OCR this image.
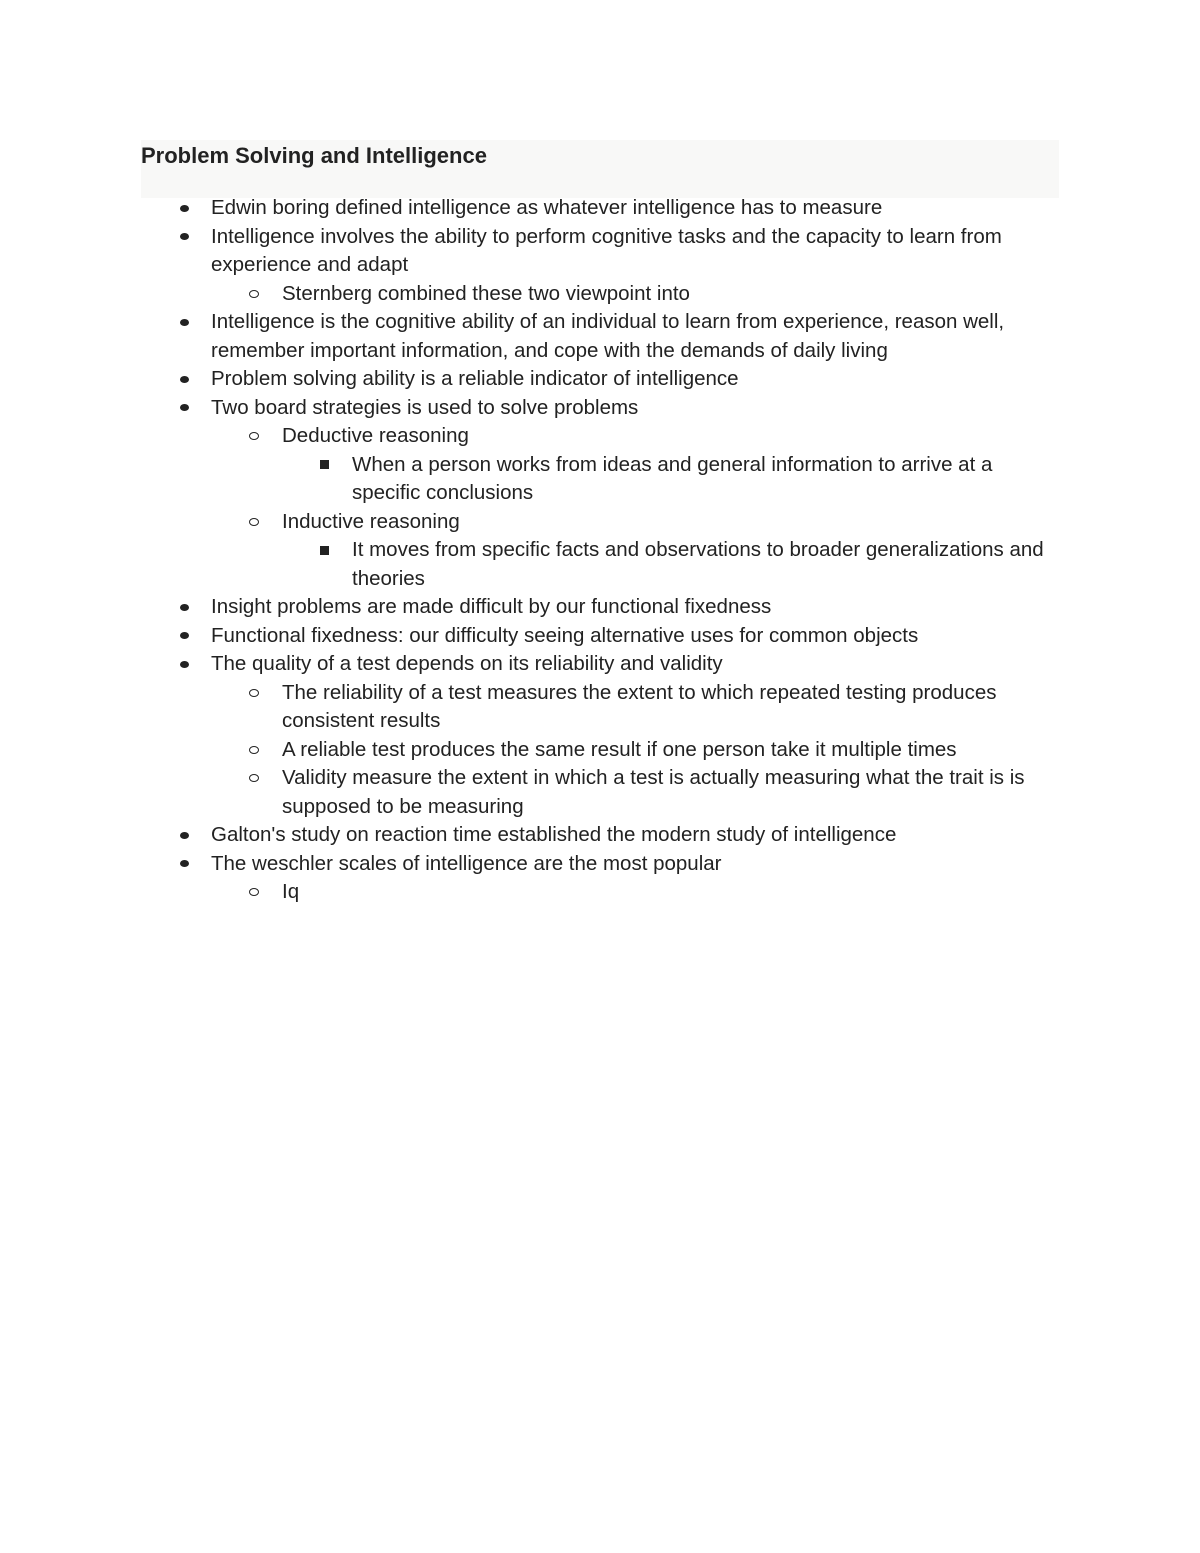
Problem Solving and Intelligence
Edwin boring defined intelligence as whatever intelligence has to measure
Intelligence involves the ability to perform cognitive tasks and the capacity to learn from experience and adapt
Sternberg combined these two viewpoint into
Intelligence is the cognitive ability of an individual to learn from experience, reason well, remember important information, and cope with the demands of daily living
Problem solving ability is a reliable indicator of intelligence
Two board strategies is used to solve problems
Deductive reasoning
When a person works from ideas and general information to arrive at a specific conclusions
Inductive reasoning
It moves from specific facts and observations to broader generalizations and theories
Insight problems are made difficult by our functional fixedness
Functional fixedness: our difficulty seeing alternative uses for common objects
The quality of a test depends on its reliability and validity
The reliability of a test measures the extent to which repeated testing produces consistent results
A reliable test produces the same result if one person take it multiple times
Validity measure the extent in which a test is actually measuring what the trait is is supposed to be measuring
Galton's study on reaction time established the modern study of intelligence
The weschler scales of intelligence are the most popular
Iq
